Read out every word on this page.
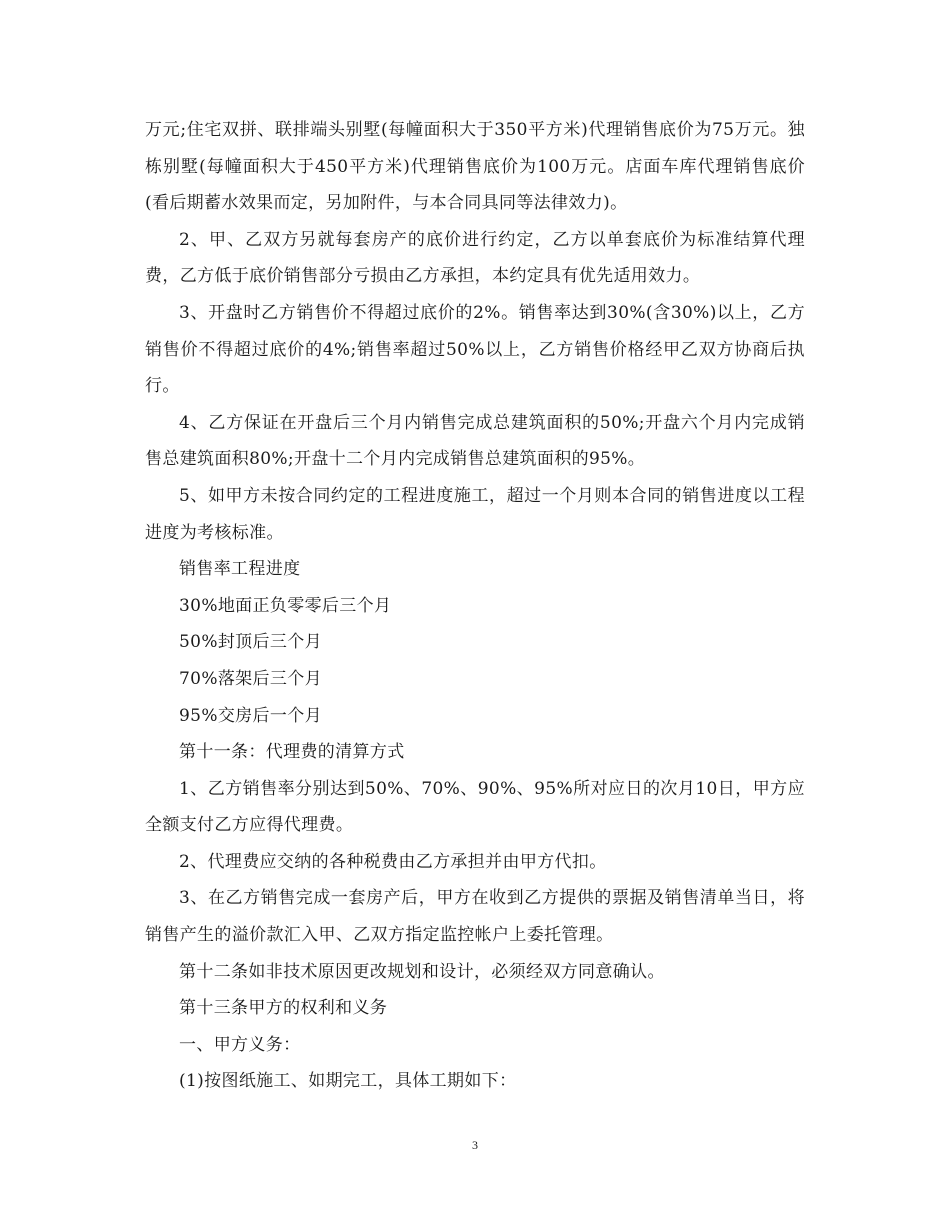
万元;住宅双拼、联排端头别墅(每幢面积大于350平方米)代理销售底价为75万元。独栋别墅(每幢面积大于450平方米)代理销售底价为100万元。店面车库代理销售底价(看后期蓄水效果而定，另加附件，与本合同具同等法律效力)。

2、甲、乙双方另就每套房产的底价进行约定，乙方以单套底价为标准结算代理费，乙方低于底价销售部分亏损由乙方承担，本约定具有优先适用效力。

3、开盘时乙方销售价不得超过底价的2%。销售率达到30%(含30%)以上，乙方销售价不得超过底价的4%;销售率超过50%以上，乙方销售价格经甲乙双方协商后执行。

4、乙方保证在开盘后三个月内销售完成总建筑面积的50%;开盘六个月内完成销售总建筑面积80%;开盘十二个月内完成销售总建筑面积的95%。

5、如甲方未按合同约定的工程进度施工，超过一个月则本合同的销售进度以工程进度为考核标准。

销售率工程进度

30%地面正负零零后三个月

50%封顶后三个月

70%落架后三个月

95%交房后一个月

第十一条：代理费的清算方式

1、乙方销售率分别达到50%、70%、90%、95%所对应日的次月10日，甲方应全额支付乙方应得代理费。

2、代理费应交纳的各种税费由乙方承担并由甲方代扣。

3、在乙方销售完成一套房产后，甲方在收到乙方提供的票据及销售清单当日，将销售产生的溢价款汇入甲、乙双方指定监控帐户上委托管理。

第十二条如非技术原因更改规划和设计，必须经双方同意确认。

第十三条甲方的权利和义务

一、甲方义务：

(1)按图纸施工、如期完工，具体工期如下：

3
